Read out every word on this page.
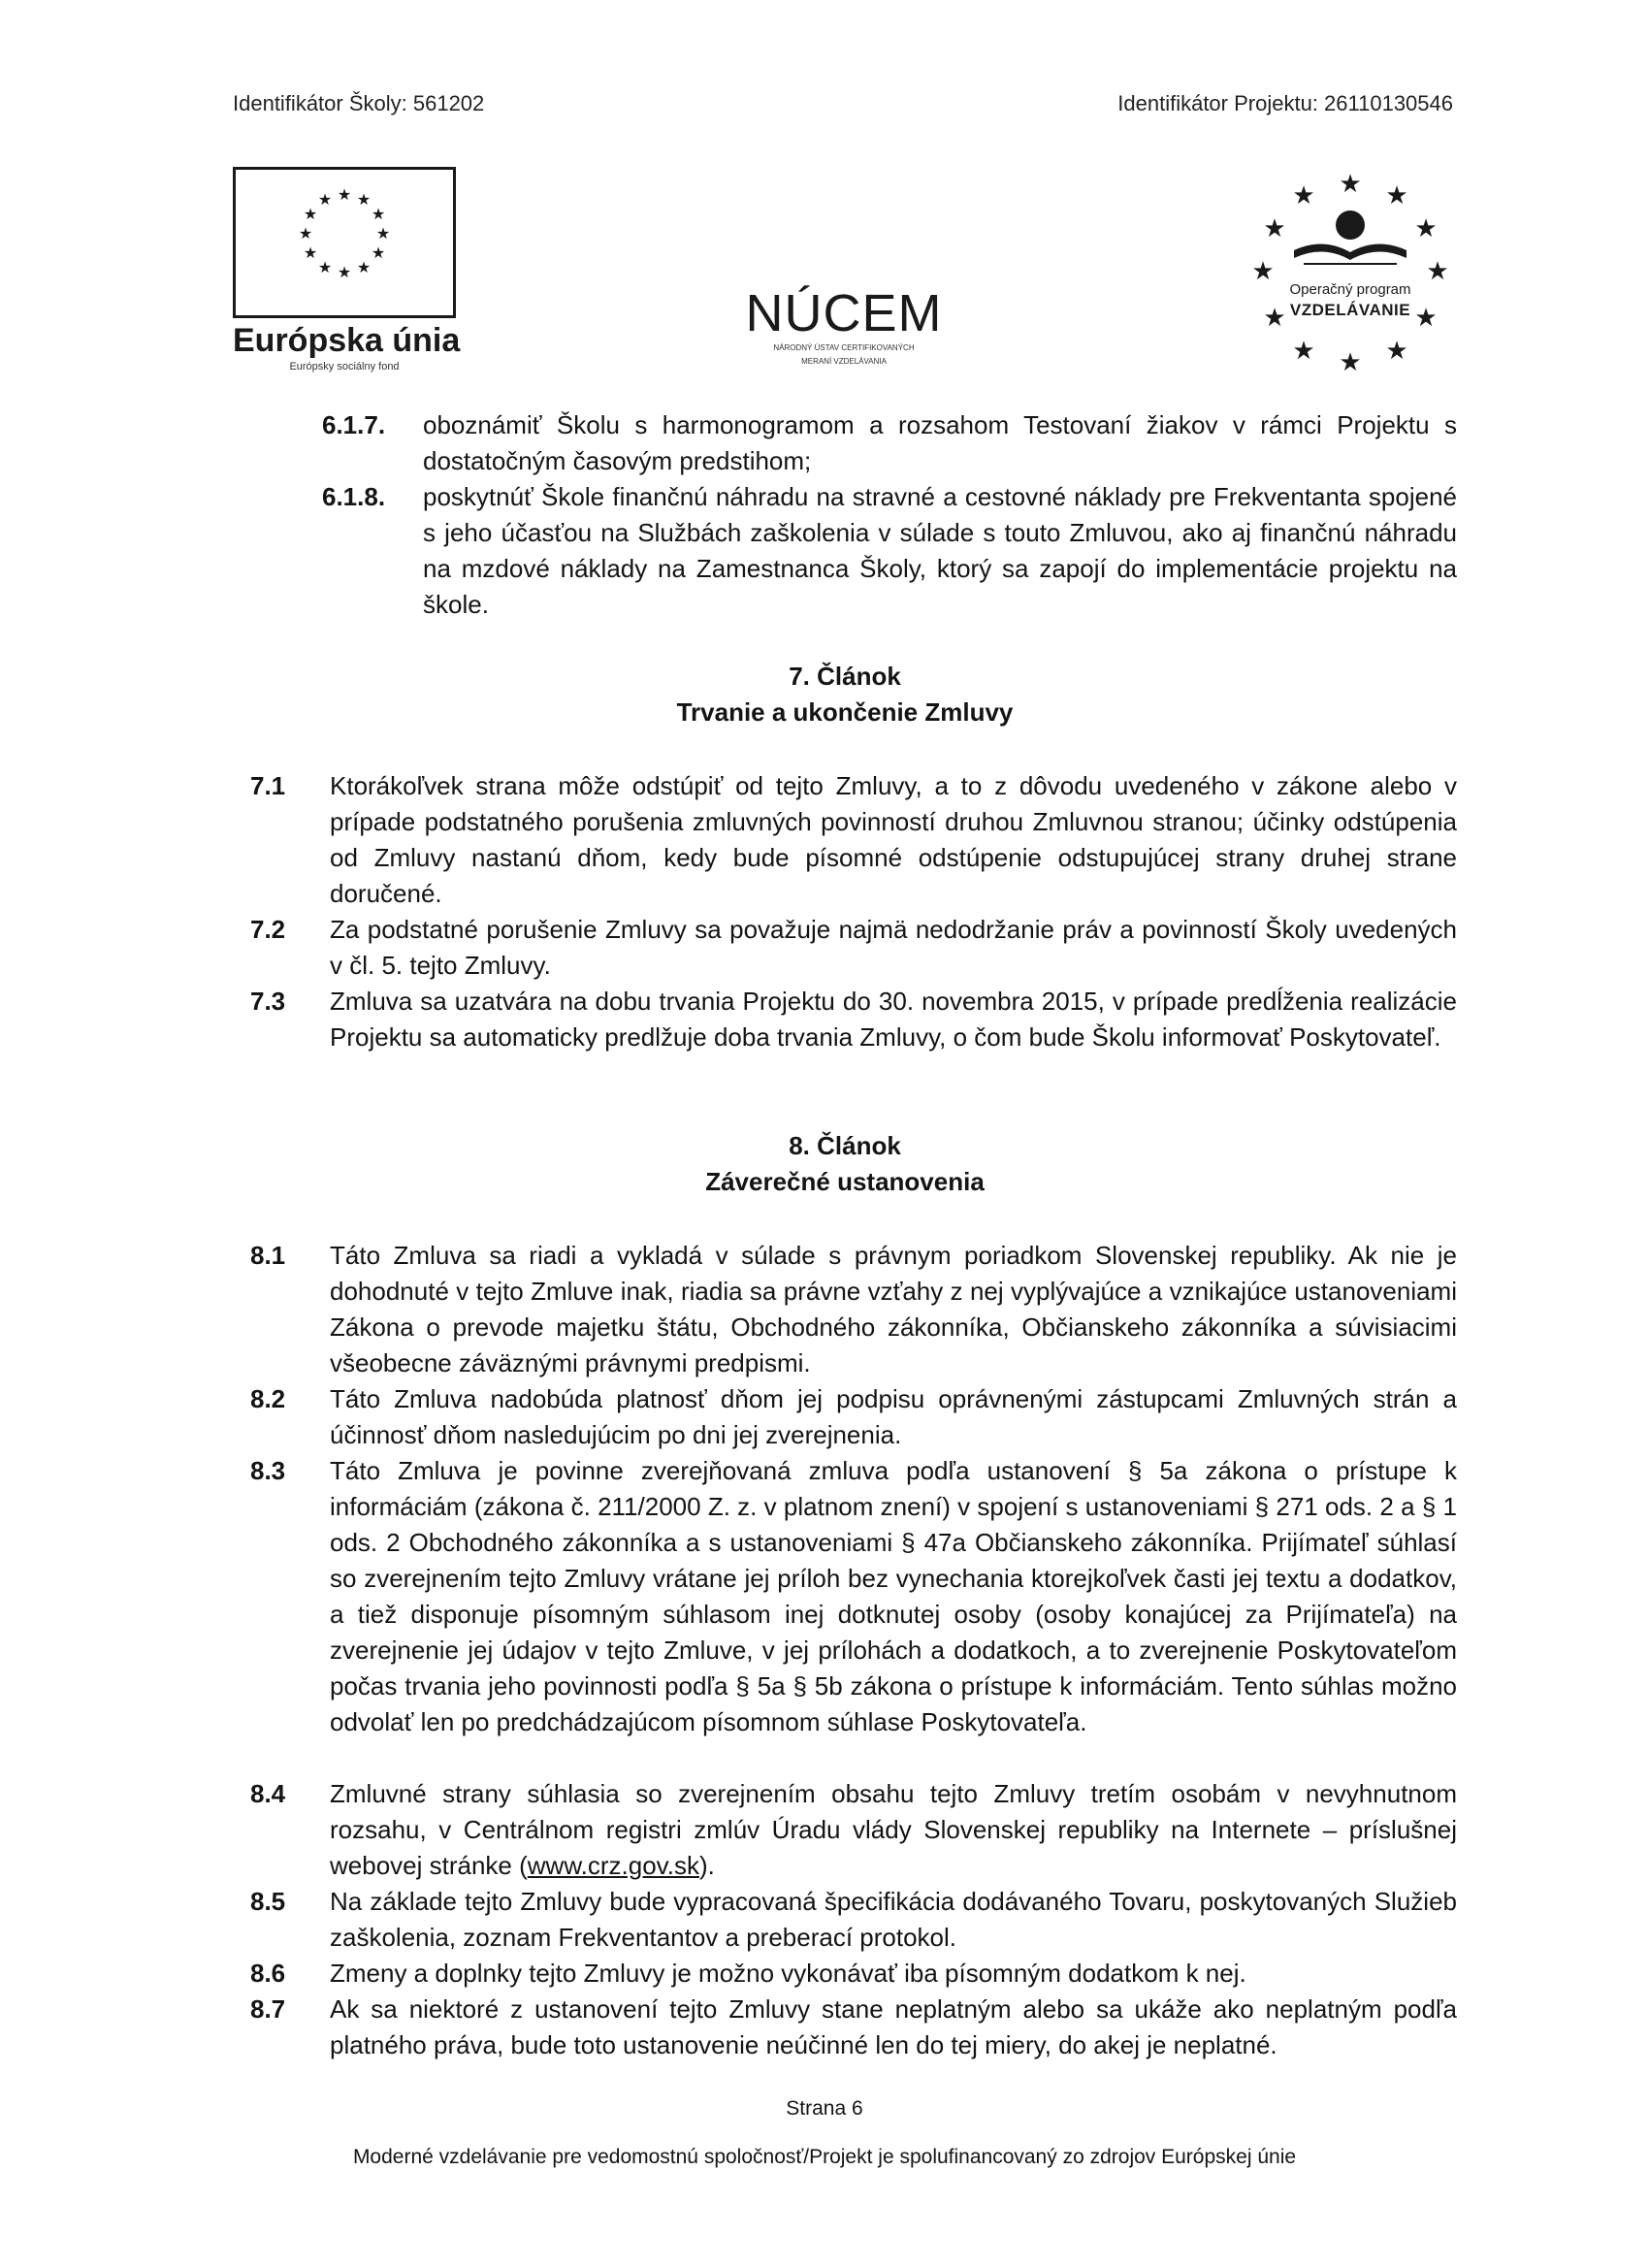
Identifikátor Školy: 561202	Identifikátor Projektu: 26110130546
★ ★
★
★
★
★
★
★
★
★
★
★
Európska únia
Európsky sociálny fond
NÚCEM
NÁRODNÝ ÚSTAV CERTIFIKOVANÝCH
MERANÍ VZDELÁVANIA
★ ★
★
★
★
★
★
★
★
★
★
★
Operačný program
VZDELÁVANIE
6.1.7. oboznámiť Školu s harmonogramom a rozsahom Testovaní žiakov v rámci Projektu s dostatočným časovým predstihom;
6.1.8. poskytnúť Škole finančnú náhradu na stravné a cestovné náklady pre Frekventanta spojené s jeho účasťou na Službách zaškolenia v súlade s touto Zmluvou, ako aj finančnú náhradu na mzdové náklady na Zamestnanca Školy, ktorý sa zapojí do implementácie projektu na škole.
7. Článok
Trvanie a ukončenie Zmluvy
7.1 Ktorákoľvek strana môže odstúpiť od tejto Zmluvy, a to z dôvodu uvedeného v zákone alebo v prípade podstatného porušenia zmluvných povinností druhou Zmluvnou stranou; účinky odstúpenia od Zmluvy nastanú dňom, kedy bude písomné odstúpenie odstupujúcej strany druhej strane doručené.
7.2 Za podstatné porušenie Zmluvy sa považuje najmä nedodržanie práv a povinností Školy uvedených v čl. 5. tejto Zmluvy.
7.3 Zmluva sa uzatvára na dobu trvania Projektu do 30. novembra 2015, v prípade predĺženia realizácie Projektu sa automaticky predlžuje doba trvania Zmluvy, o čom bude Školu informovať Poskytovateľ.
8. Článok
Záverečné ustanovenia
8.1 Táto Zmluva sa riadi a vykladá v súlade s právnym poriadkom Slovenskej republiky. Ak nie je dohodnuté v tejto Zmluve inak, riadia sa právne vzťahy z nej vyplývajúce a vznikajúce ustanoveniami Zákona o prevode majetku štátu, Obchodného zákonníka, Občianskeho zákonníka a súvisiacimi všeobecne záväznými právnymi predpismi.
8.2 Táto Zmluva nadobúda platnosť dňom jej podpisu oprávnenými zástupcami Zmluvných strán a účinnosť dňom nasledujúcim po dni jej zverejnenia.
8.3 Táto Zmluva je povinne zverejňovaná zmluva podľa ustanovení § 5a zákona o prístupe k informáciám (zákona č. 211/2000 Z. z. v platnom znení) v spojení s ustanoveniami § 271 ods. 2 a § 1 ods. 2 Obchodného zákonníka a s ustanoveniami § 47a Občianskeho zákonníka. Prijímateľ súhlasí so zverejnením tejto Zmluvy vrátane jej príloh bez vynechania ktorejkoľvek časti jej textu a dodatkov, a tiež disponuje písomným súhlasom inej dotknutej osoby (osoby konajúcej za Prijímateľa) na zverejnenie jej údajov v tejto Zmluve, v jej prílohách a dodatkoch, a to zverejnenie Poskytovateľom počas trvania jeho povinnosti podľa § 5a § 5b zákona o prístupe k informáciám. Tento súhlas možno odvolať len po predchádzajúcom písomnom súhlase Poskytovateľa.
8.4 Zmluvné strany súhlasia so zverejnením obsahu tejto Zmluvy tretím osobám v nevyhnutnom rozsahu, v Centrálnom registri zmlúv Úradu vlády Slovenskej republiky na Internete – príslušnej webovej stránke (www.crz.gov.sk).
8.5 Na základe tejto Zmluvy bude vypracovaná špecifikácia dodávaného Tovaru, poskytovaných Služieb zaškolenia, zoznam Frekventantov a preberací protokol.
8.6 Zmeny a doplnky tejto Zmluvy je možno vykonávať iba písomným dodatkom k nej.
8.7 Ak sa niektoré z ustanovení tejto Zmluvy stane neplatným alebo sa ukáže ako neplatným podľa platného práva, bude toto ustanovenie neúčinné len do tej miery, do akej je neplatné.
Strana 6
Moderné vzdelávanie pre vedomostnú spoločnosť/Projekt je spolufinancovaný zo zdrojov Európskej únie
